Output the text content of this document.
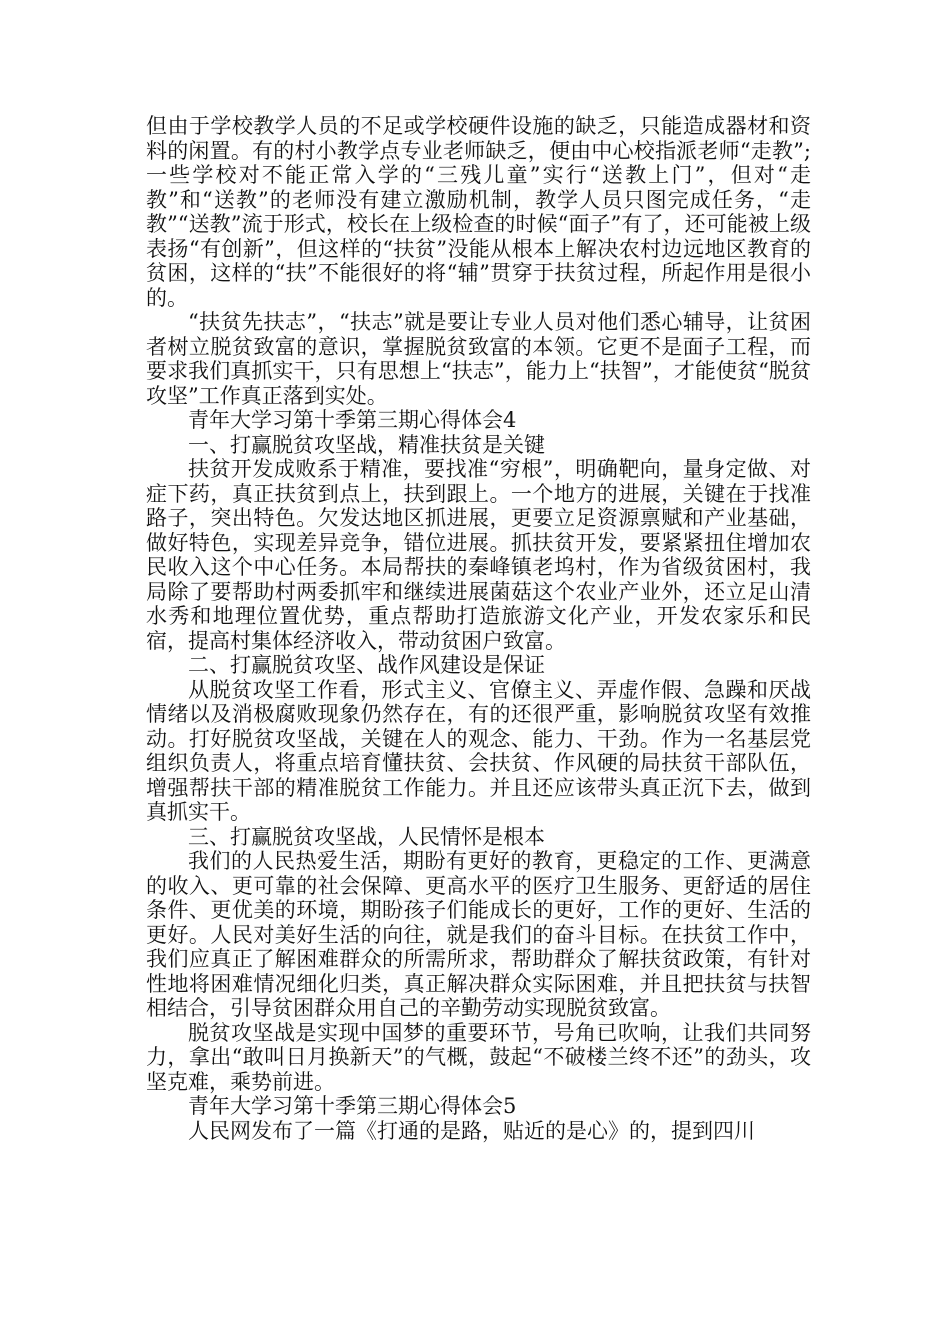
但由于学校教学人员的不足或学校硬件设施的缺乏，只能造成器材和资料的闲置。有的村小教学点专业老师缺乏，便由中心校指派老师“走教”;一些学校对不能正常入学的“三残儿童”实行“送教上门”，但对“走教”和“送教”的老师没有建立激励机制，教学人员只图完成任务，“走教”“送教”流于形式，校长在上级检查的时候“面子”有了，还可能被上级表扬“有创新”，但这样的“扶贫”没能从根本上解决农村边远地区教育的贫困，这样的“扶”不能很好的将“辅”贯穿于扶贫过程，所起作用是很小的。

“扶贫先扶志”，“扶志”就是要让专业人员对他们悉心辅导，让贫困者树立脱贫致富的意识，掌握脱贫致富的本领。它更不是面子工程，而要求我们真抓实干，只有思想上“扶志”，能力上“扶智”，才能使贫“脱贫攻坚”工作真正落到实处。

青年大学习第十季第三期心得体会4

一、打赢脱贫攻坚战，精准扶贫是关键

扶贫开发成败系于精准，要找准“穷根”，明确靶向，量身定做、对症下药，真正扶贫到点上，扶到跟上。一个地方的进展，关键在于找准路子，突出特色。欠发达地区抓进展，更要立足资源禀赋和产业基础，做好特色，实现差异竞争，错位进展。抓扶贫开发，要紧紧扭住增加农民收入这个中心任务。本局帮扶的秦峰镇老坞村，作为省级贫困村，我局除了要帮助村两委抓牢和继续进展菌菇这个农业产业外，还立足山清水秀和地理位置优势，重点帮助打造旅游文化产业，开发农家乐和民宿，提高村集体经济收入，带动贫困户致富。

二、打赢脱贫攻坚、战作风建设是保证

从脱贫攻坚工作看，形式主义、官僚主义、弄虚作假、急躁和厌战情绪以及消极腐败现象仍然存在，有的还很严重，影响脱贫攻坚有效推动。打好脱贫攻坚战，关键在人的观念、能力、干劲。作为一名基层党组织负责人，将重点培育懂扶贫、会扶贫、作风硬的局扶贫干部队伍，增强帮扶干部的精准脱贫工作能力。并且还应该带头真正沉下去，做到真抓实干。

三、打赢脱贫攻坚战，人民情怀是根本

我们的人民热爱生活，期盼有更好的教育，更稳定的工作、更满意的收入、更可靠的社会保障、更高水平的医疗卫生服务、更舒适的居住条件、更优美的环境，期盼孩子们能成长的更好，工作的更好、生活的更好。人民对美好生活的向往，就是我们的奋斗目标。在扶贫工作中，我们应真正了解困难群众的所需所求，帮助群众了解扶贫政策，有针对性地将困难情况细化归类，真正解决群众实际困难，并且把扶贫与扶智相结合，引导贫困群众用自己的辛勤劳动实现脱贫致富。

脱贫攻坚战是实现中国梦的重要环节，号角已吹响，让我们共同努力，拿出“敢叫日月换新天”的气概，鼓起“不破楼兰终不还”的劲头，攻坚克难，乘势前进。

青年大学习第十季第三期心得体会5

人民网发布了一篇《打通的是路，贴近的是心》的，提到四川
